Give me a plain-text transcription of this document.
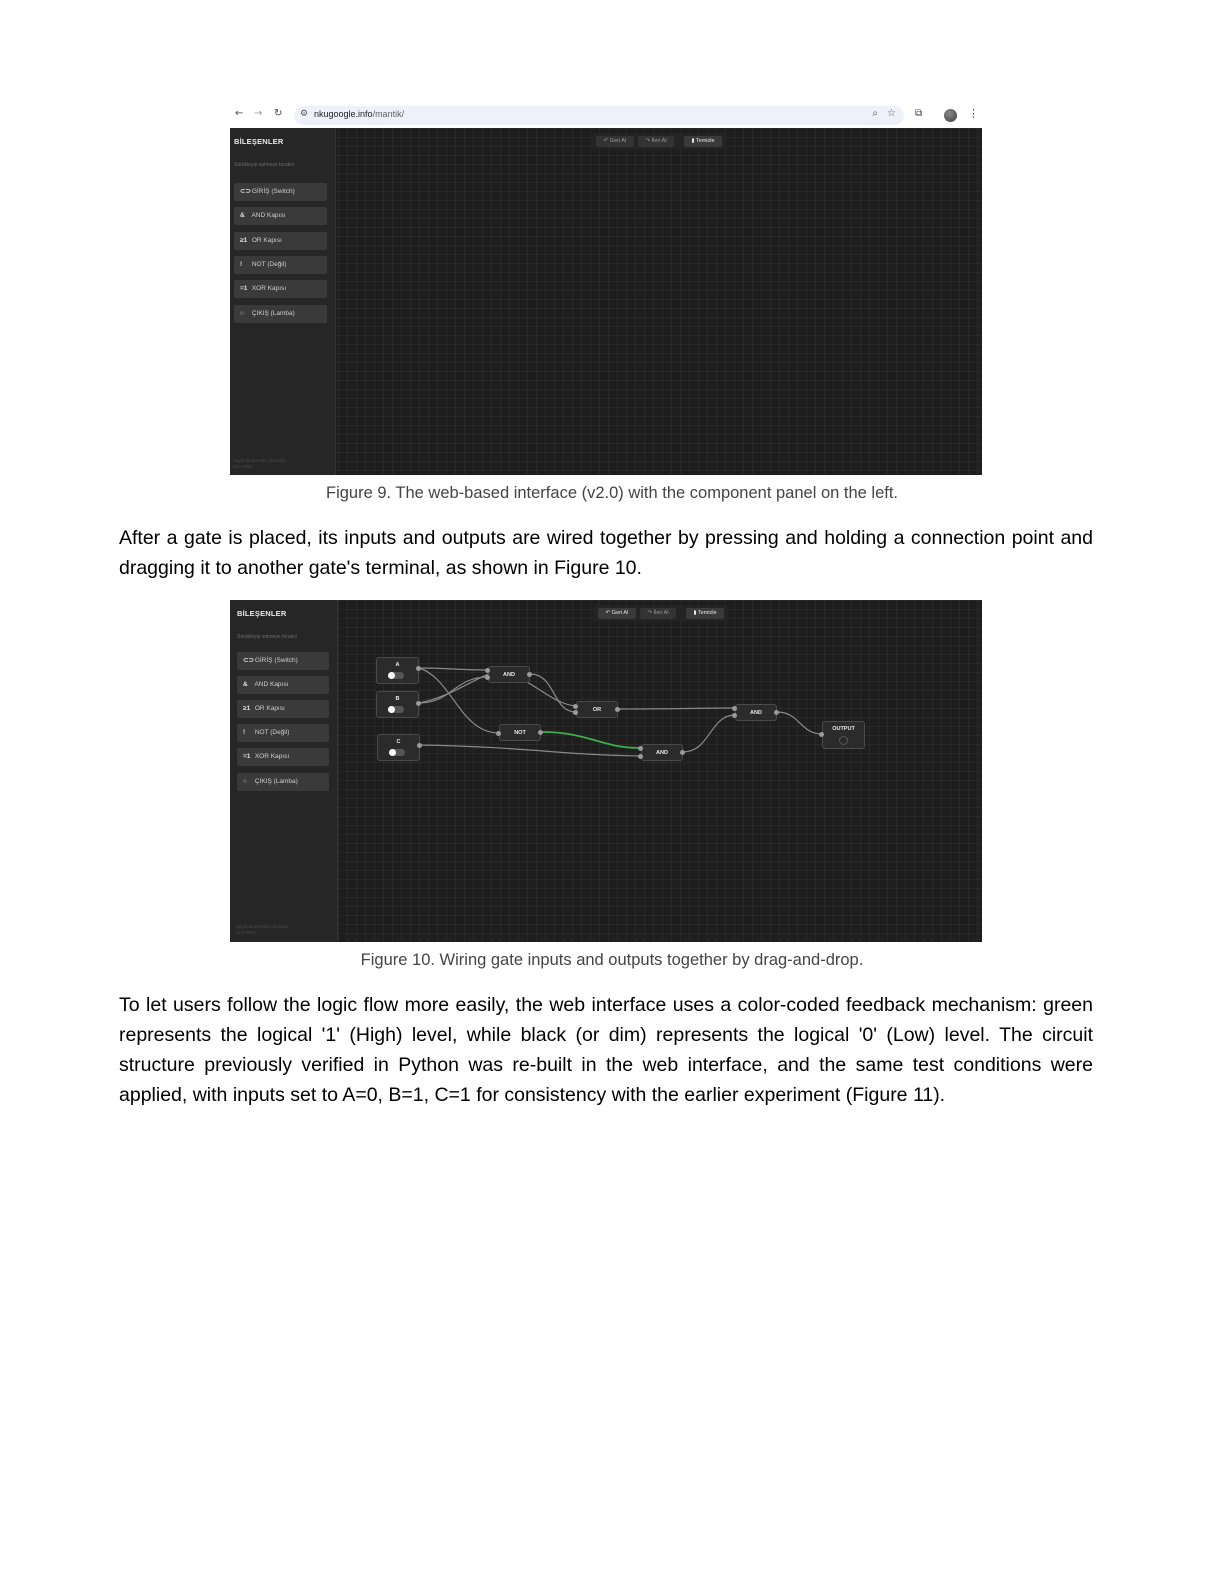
← → ↻ ⚙ nkugoogle.info/mantik/	⌕ ☆ ⧉	⋮
BİLEŞENLER
Sürükleyip sahneye bırakın
⊂⊃ GİRİŞ (Switch)
& AND Kapısı
≥1 OR Kapısı
! NOT (Değil)
=1 XOR Kapısı
○ ÇIKIŞ (Lamba)
Sayfa tasarımları güçlüdür,
v2.0 PRO
↶ Geri Al	↷ İleri Al	▮ Temizle
Figure 9. The web-based interface (v2.0) with the component panel on the left.

After a gate is placed, its inputs and outputs are wired together by pressing and holding a connection point and dragging it to another gate's terminal, as shown in Figure 10.

BİLEŞENLER
Sürükleyip sahneye bırakın
⊂⊃ GİRİŞ (Switch)
& AND Kapısı
≥1 OR Kapısı
! NOT (Değil)
=1 XOR Kapısı
○ ÇIKIŞ (Lamba)
Sayfa tasarımları güçlüdür,
v2.0 PRO
↶ Geri Al	↷ İleri Al	▮ Temizle
A
B
C
AND
OR
NOT
AND
AND
OUTPUT
Figure 10. Wiring gate inputs and outputs together by drag-and-drop.

To let users follow the logic flow more easily, the web interface uses a color-coded feedback mechanism: green represents the logical '1' (High) level, while black (or dim) represents the logical '0' (Low) level. The circuit structure previously verified in Python was re-built in the web interface, and the same test conditions were applied, with inputs set to A=0, B=1, C=1 for consistency with the earlier experiment (Figure 11).
